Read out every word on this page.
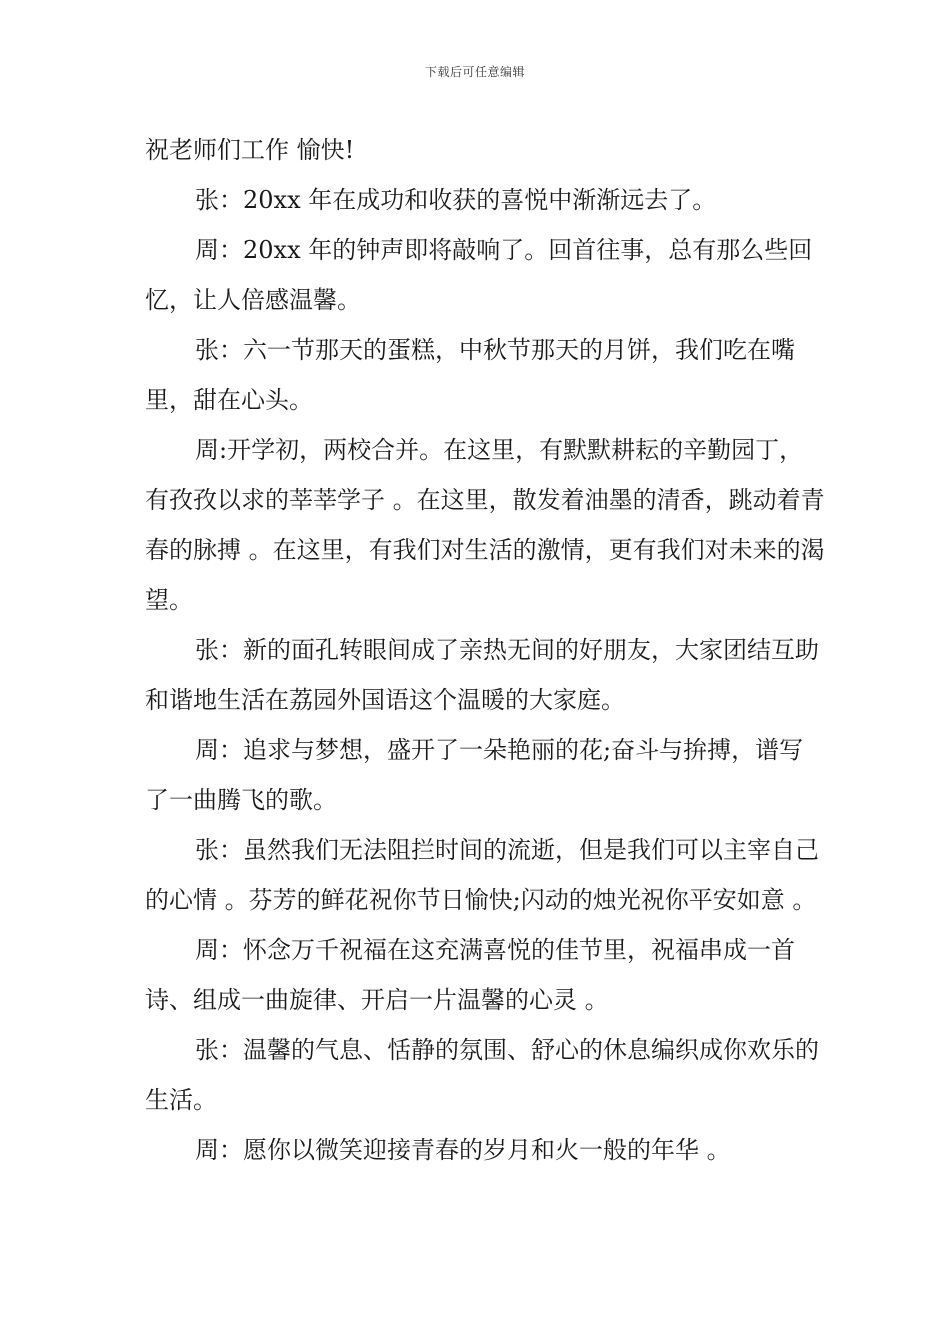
下载后可任意编辑

祝老师们工作 愉快!

张：20xx 年在成功和收获的喜悦中渐渐远去了。

周：20xx 年的钟声即将敲响了。回首往事，总有那么些回忆，让人倍感温馨。

张：六一节那天的蛋糕，中秋节那天的月饼，我们吃在嘴里，甜在心头。

周:开学初，两校合并。在这里，有默默耕耘的辛勤园丁，有孜孜以求的莘莘学子 。在这里，散发着油墨的清香，跳动着青春的脉搏 。在这里，有我们对生活的激情，更有我们对未来的渴望。

张：新的面孔转眼间成了亲热无间的好朋友，大家团结互助和谐地生活在荔园外国语这个温暖的大家庭。

周：追求与梦想，盛开了一朵艳丽的花;奋斗与拚搏，谱写了一曲腾飞的歌。

张：虽然我们无法阻拦时间的流逝，但是我们可以主宰自己的心情 。芬芳的鲜花祝你节日愉快;闪动的烛光祝你平安如意 。

周：怀念万千祝福在这充满喜悦的佳节里，祝福串成一首诗、组成一曲旋律、开启一片温馨的心灵 。

张：温馨的气息、恬静的氛围、舒心的休息编织成你欢乐的生活。

周：愿你以微笑迎接青春的岁月和火一般的年华 。
